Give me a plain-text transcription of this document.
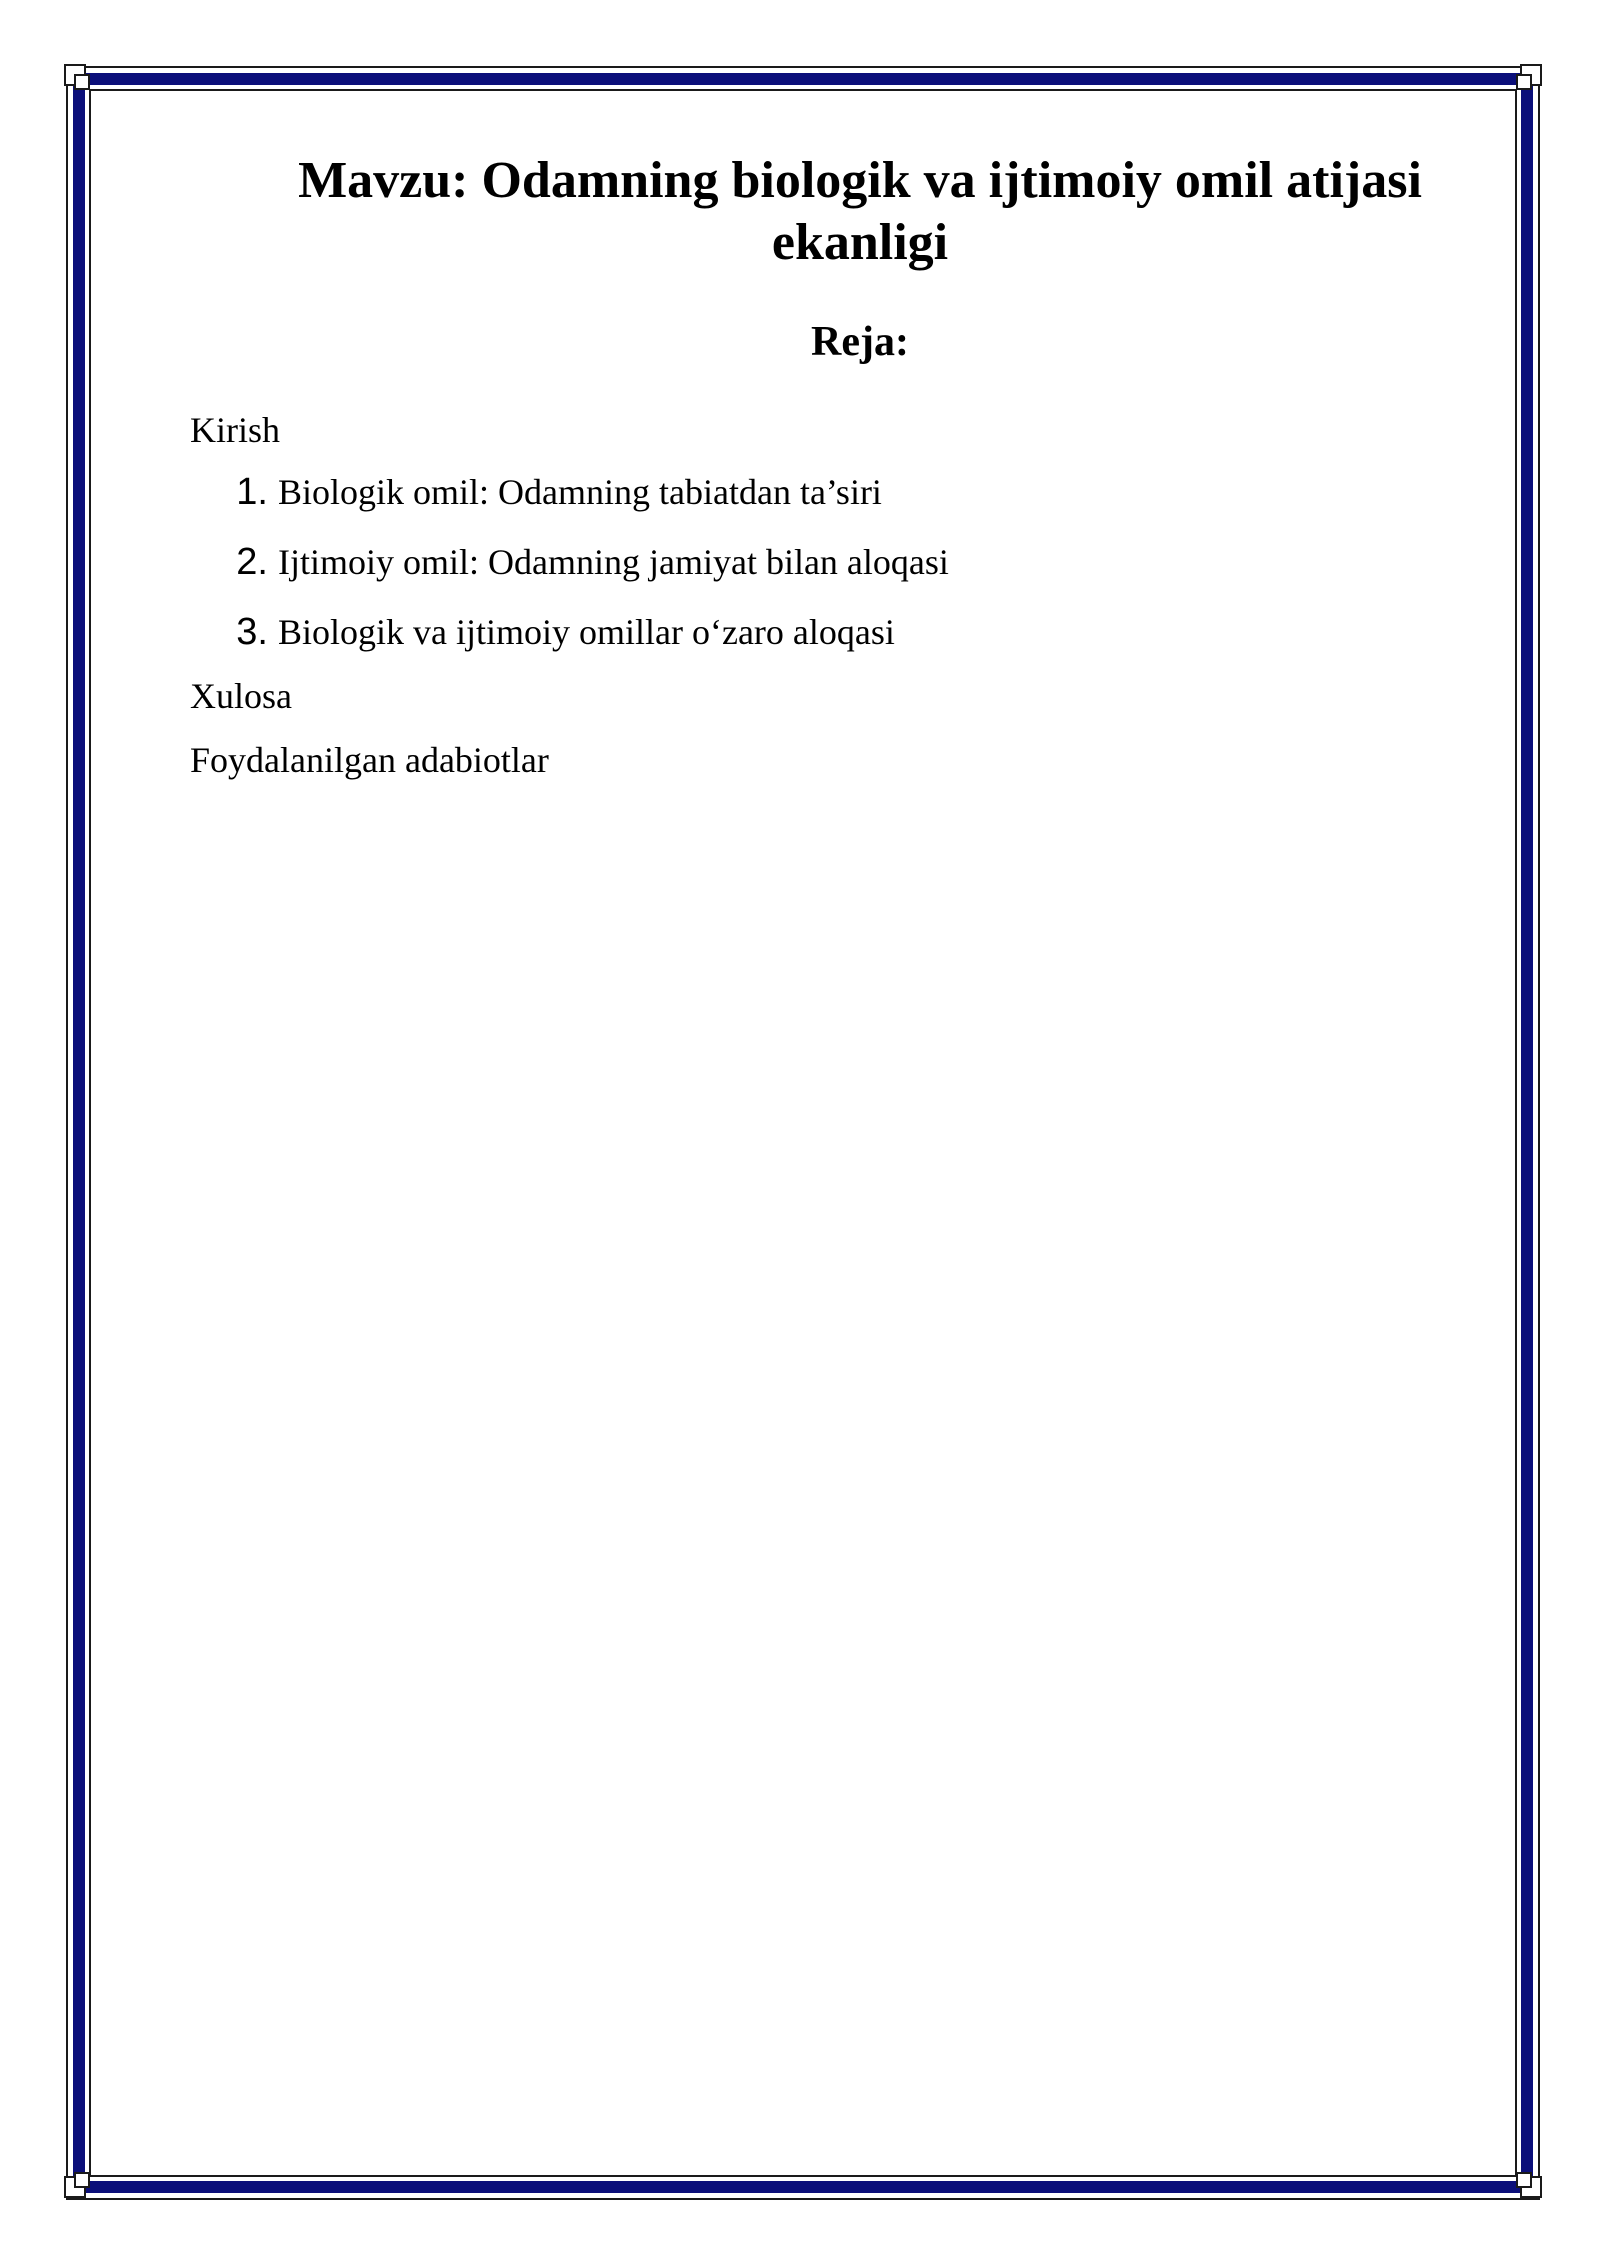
Mavzu: Odamning biologik va ijtimoiy omil atijasi ekanligi
Reja:

Kirish

1. Biologik omil: Odamning tabiatdan ta’siri
2. Ijtimoiy omil: Odamning jamiyat bilan aloqasi
3. Biologik va ijtimoiy omillar o‘zaro aloqasi

Xulosa

Foydalanilgan adabiotlar
